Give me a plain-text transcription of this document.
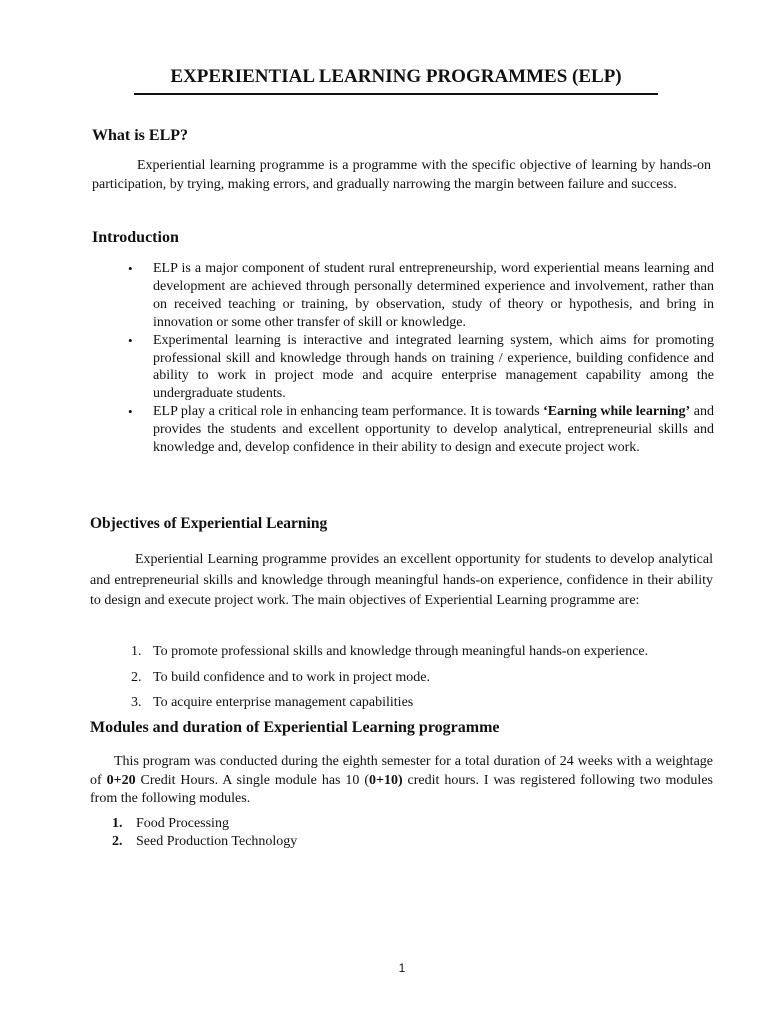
EXPERIENTIAL LEARNING PROGRAMMES (ELP)
What is ELP?

Experiential learning programme is a programme with the specific objective of learning by hands-on participation, by trying, making errors, and gradually narrowing the margin between failure and success.

Introduction
• ELP is a major component of student rural entrepreneurship, word experiential means learning and development are achieved through personally determined experience and involvement, rather than on received teaching or training, by observation, study of theory or hypothesis, and bring in innovation or some other transfer of skill or knowledge.
• Experimental learning is interactive and integrated learning system, which aims for promoting professional skill and knowledge through hands on training / experience, building confidence and ability to work in project mode and acquire enterprise management capability among the undergraduate students.
• ELP play a critical role in enhancing team performance. It is towards ‘Earning while learning’ and provides the students and excellent opportunity to develop analytical, entrepreneurial skills and knowledge and, develop confidence in their ability to design and execute project work.
Objectives of Experiential Learning

Experiential Learning programme provides an excellent opportunity for students to develop analytical and entrepreneurial skills and knowledge through meaningful hands-on experience, confidence in their ability to design and execute project work. The main objectives of Experiential Learning programme are:

1. To promote professional skills and knowledge through meaningful hands-on experience.
2. To build confidence and to work in project mode.
3. To acquire enterprise management capabilities
Modules and duration of Experiential Learning programme

This program was conducted during the eighth semester for a total duration of 24 weeks with a weightage of 0+20 Credit Hours. A single module has 10 (0+10) credit hours. I was registered following two modules from the following modules.

1. Food Processing
2. Seed Production Technology
1
